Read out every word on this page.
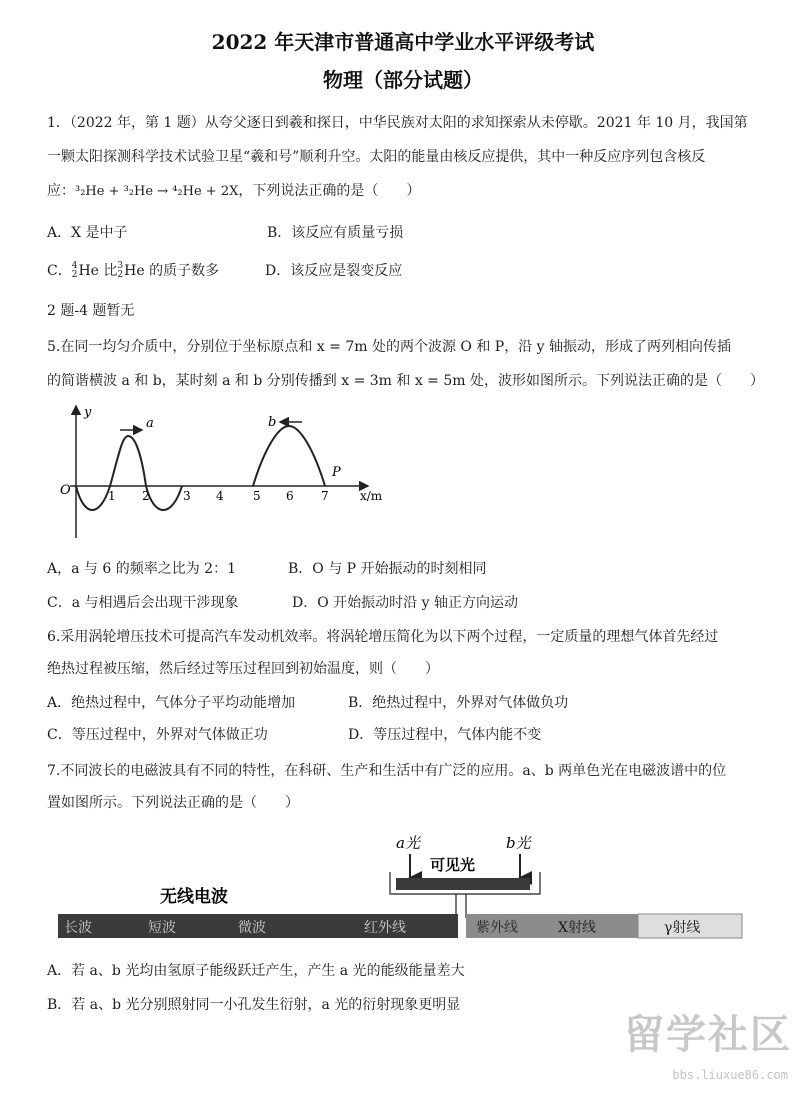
2022 年天津市普通高中学业水平评级考试
物理（部分试题）
1．（2022 年，第 1 题）从夸父逐日到羲和探日，中华民族对太阳的求知探索从未停歇。2021 年 10 月，我国第
一颗太阳探测科学技术试验卫星“羲和号”顺利升空。太阳的能量由核反应提供，其中一种反应序列包含核反
应：³₂He + ³₂He → ⁴₂He + 2X，下列说法正确的是（　　）
A．X 是中子	B．该反应有质量亏损
C． 4
2 He 比 3
2 He 的质子数多	D．该反应是裂变反应
2 题-4 题暂无
5.在同一均匀介质中，分别位于坐标原点和 x = 7m 处的两个波源 O 和 P，沿 y 轴振动，形成了两列相向传插
的简谐横波 a 和 b，某时刻 a 和 b 分别传播到 x = 3m 和 x = 5m 处，波形如图所示。下列说法正确的是（　　）
y
x/m
O	1 2	3 4 5 6 7
a	b
P
A，a 与 6 的频率之比为 2：1	B．O 与 P 开始振动的时刻相同
C．a 与相遇后会出现干涉现象	D．O 开始振动时沿 y 轴正方向运动
6.采用涡轮增压技术可提高汽车发动机效率。将涡轮增压简化为以下两个过程，一定质量的理想气体首先经过
绝热过程被压缩，然后经过等压过程回到初始温度，则（　　）
A．绝热过程中，气体分子平均动能增加	B．绝热过程中，外界对气体做负功
C．等压过程中，外界对气体做正功	D．等压过程中，气体内能不变
7.不同波长的电磁波具有不同的特性，在科研、生产和生活中有广泛的应用。a、b 两单色光在电磁波谱中的位
置如图所示。下列说法正确的是（　　）
a光	b光
可见光
无线电波
长波	短波	微波	红外线	紫外线	X射线	γ射线
A．若 a、b 光均由氢原子能级跃迁产生，产生 a 光的能级能量差大
B．若 a、b 光分别照射同一小孔发生衍射，a 光的衍射现象更明显
留学社区
bbs.liuxue86.com
